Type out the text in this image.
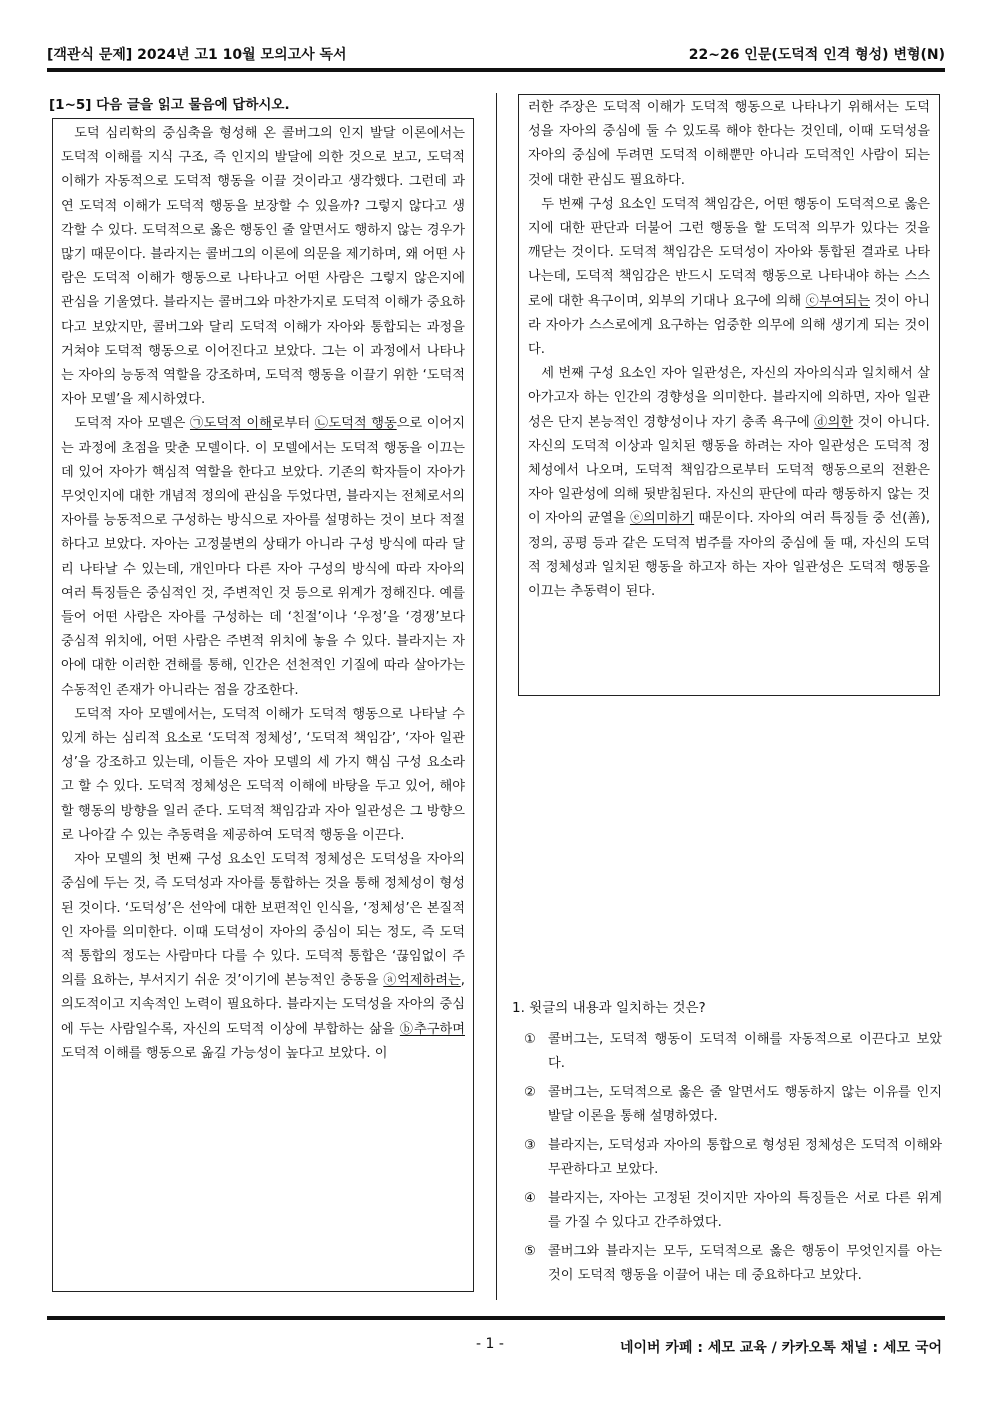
[객관식 문제] 2024년 고1 10월 모의고사 독서	22~26 인문(도덕적 인격 형성) 변형(N)
[1~5] 다음 글을 읽고 물음에 답하시오.

도덕 심리학의 중심축을 형성해 온 콜버그의 인지 발달 이론에서는 도덕적 이해를 지식 구조, 즉 인지의 발달에 의한 것으로 보고, 도덕적 이해가 자동적으로 도덕적 행동을 이끌 것이라고 생각했다. 그런데 과연 도덕적 이해가 도덕적 행동을 보장할 수 있을까? 그렇지 않다고 생각할 수 있다. 도덕적으로 옳은 행동인 줄 알면서도 행하지 않는 경우가 많기 때문이다. 블라지는 콜버그의 이론에 의문을 제기하며, 왜 어떤 사람은 도덕적 이해가 행동으로 나타나고 어떤 사람은 그렇지 않은지에 관심을 기울였다. 블라지는 콜버그와 마찬가지로 도덕적 이해가 중요하다고 보았지만, 콜버그와 달리 도덕적 이해가 자아와 통합되는 과정을 거쳐야 도덕적 행동으로 이어진다고 보았다. 그는 이 과정에서 나타나는 자아의 능동적 역할을 강조하며, 도덕적 행동을 이끌기 위한 ‘도덕적 자아 모델’을 제시하였다.

도덕적 자아 모델은 ㉠도덕적 이해로부터 ㉡도덕적 행동으로 이어지는 과정에 초점을 맞춘 모델이다. 이 모델에서는 도덕적 행동을 이끄는 데 있어 자아가 핵심적 역할을 한다고 보았다. 기존의 학자들이 자아가 무엇인지에 대한 개념적 정의에 관심을 두었다면, 블라지는 전체로서의 자아를 능동적으로 구성하는 방식으로 자아를 설명하는 것이 보다 적절하다고 보았다. 자아는 고정불변의 상태가 아니라 구성 방식에 따라 달리 나타날 수 있는데, 개인마다 다른 자아 구성의 방식에 따라 자아의 여러 특징들은 중심적인 것, 주변적인 것 등으로 위계가 정해진다. 예를 들어 어떤 사람은 자아를 구성하는 데 ‘친절’이나 ‘우정’을 ‘경쟁’보다 중심적 위치에, 어떤 사람은 주변적 위치에 놓을 수 있다. 블라지는 자아에 대한 이러한 견해를 통해, 인간은 선천적인 기질에 따라 살아가는 수동적인 존재가 아니라는 점을 강조한다.

도덕적 자아 모델에서는, 도덕적 이해가 도덕적 행동으로 나타날 수 있게 하는 심리적 요소로 ‘도덕적 정체성’, ‘도덕적 책임감’, ‘자아 일관성’을 강조하고 있는데, 이들은 자아 모델의 세 가지 핵심 구성 요소라고 할 수 있다. 도덕적 정체성은 도덕적 이해에 바탕을 두고 있어, 해야 할 행동의 방향을 일러 준다. 도덕적 책임감과 자아 일관성은 그 방향으로 나아갈 수 있는 추동력을 제공하여 도덕적 행동을 이끈다.

자아 모델의 첫 번째 구성 요소인 도덕적 정체성은 도덕성을 자아의 중심에 두는 것, 즉 도덕성과 자아를 통합하는 것을 통해 정체성이 형성된 것이다. ‘도덕성’은 선악에 대한 보편적인 인식을, ‘정체성’은 본질적인 자아를 의미한다. 이때 도덕성이 자아의 중심이 되는 정도, 즉 도덕적 통합의 정도는 사람마다 다를 수 있다. 도덕적 통합은 ‘끊임없이 주의를 요하는, 부서지기 쉬운 것’이기에 본능적인 충동을 ⓐ억제하려는, 의도적이고 지속적인 노력이 필요하다. 블라지는 도덕성을 자아의 중심에 두는 사람일수록, 자신의 도덕적 이상에 부합하는 삶을 ⓑ추구하며 도덕적 이해를 행동으로 옮길 가능성이 높다고 보았다. 이

러한 주장은 도덕적 이해가 도덕적 행동으로 나타나기 위해서는 도덕성을 자아의 중심에 둘 수 있도록 해야 한다는 것인데, 이때 도덕성을 자아의 중심에 두려면 도덕적 이해뿐만 아니라 도덕적인 사람이 되는 것에 대한 관심도 필요하다.

두 번째 구성 요소인 도덕적 책임감은, 어떤 행동이 도덕적으로 옳은지에 대한 판단과 더불어 그런 행동을 할 도덕적 의무가 있다는 것을 깨닫는 것이다. 도덕적 책임감은 도덕성이 자아와 통합된 결과로 나타나는데, 도덕적 책임감은 반드시 도덕적 행동으로 나타내야 하는 스스로에 대한 욕구이며, 외부의 기대나 요구에 의해 ⓒ부여되는 것이 아니라 자아가 스스로에게 요구하는 엄중한 의무에 의해 생기게 되는 것이다.

세 번째 구성 요소인 자아 일관성은, 자신의 자아의식과 일치해서 살아가고자 하는 인간의 경향성을 의미한다. 블라지에 의하면, 자아 일관성은 단지 본능적인 경향성이나 자기 충족 욕구에 ⓓ의한 것이 아니다. 자신의 도덕적 이상과 일치된 행동을 하려는 자아 일관성은 도덕적 정체성에서 나오며, 도덕적 책임감으로부터 도덕적 행동으로의 전환은 자아 일관성에 의해 뒷받침된다. 자신의 판단에 따라 행동하지 않는 것이 자아의 균열을 ⓔ의미하기 때문이다. 자아의 여러 특징들 중 선(善), 정의, 공평 등과 같은 도덕적 범주를 자아의 중심에 둘 때, 자신의 도덕적 정체성과 일치된 행동을 하고자 하는 자아 일관성은 도덕적 행동을 이끄는 추동력이 된다.

1. 윗글의 내용과 일치하는 것은?

① 콜버그는, 도덕적 행동이 도덕적 이해를 자동적으로 이끈다고 보았다.
② 콜버그는, 도덕적으로 옳은 줄 알면서도 행동하지 않는 이유를 인지 발달 이론을 통해 설명하였다.
③ 블라지는, 도덕성과 자아의 통합으로 형성된 정체성은 도덕적 이해와 무관하다고 보았다.
④ 블라지는, 자아는 고정된 것이지만 자아의 특징들은 서로 다른 위계를 가질 수 있다고 간주하였다.
⑤ 콜버그와 블라지는 모두, 도덕적으로 옳은 행동이 무엇인지를 아는 것이 도덕적 행동을 이끌어 내는 데 중요하다고 보았다.
- 1 -	네이버 카페 : 세모 교육 / 카카오톡 채널 : 세모 국어
